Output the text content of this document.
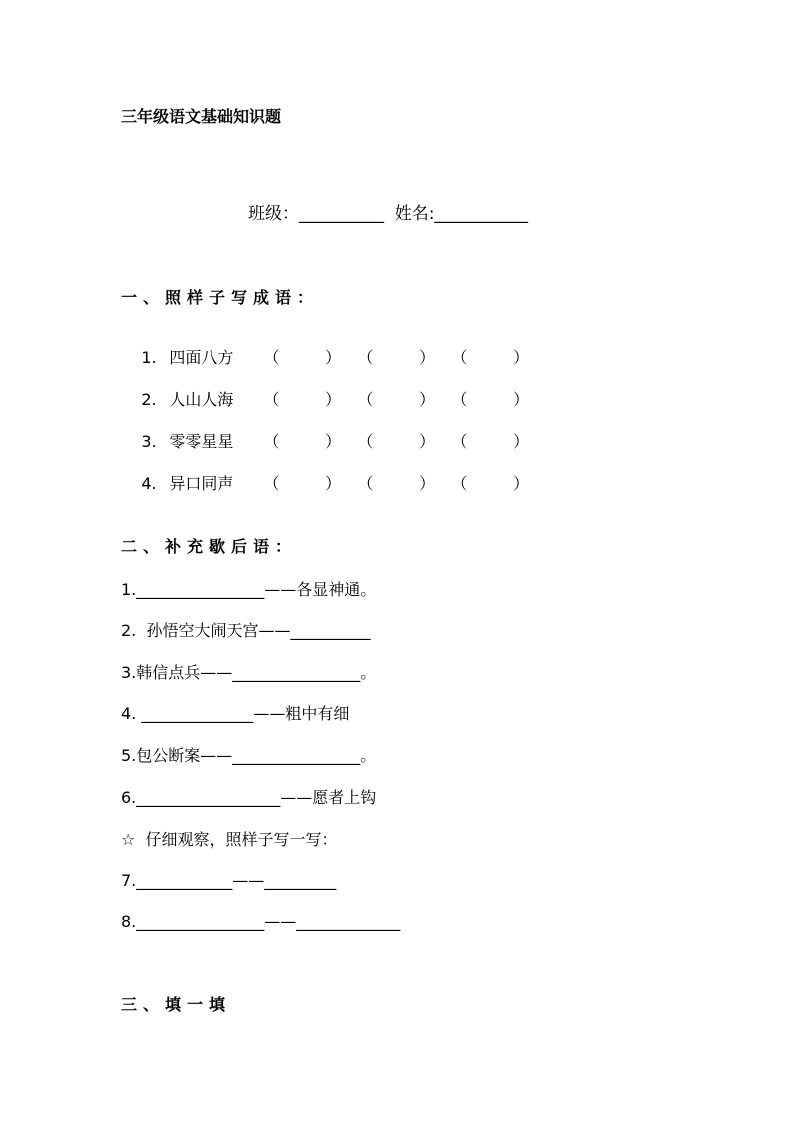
三年级语文基础知识题
班级：__________  姓名:___________
一、照样子写成语：

1. 四面八方 （         ） （         ） （         ）

2. 人山人海 （         ） （         ） （         ）

3. 零零星星 （         ） （         ） （         ）

4. 异口同声 （         ） （         ） （         ）

二、补充歇后语：
1.________________——各显神通。
2.  孙悟空大闹天宫——__________
3.韩信点兵——________________。
4. ______________——粗中有细
5.包公断案——________________。
6.__________________——愿者上钩
☆  仔细观察，照样子写一写：
7.____________——_________
8.________________——_____________
三、填一填
